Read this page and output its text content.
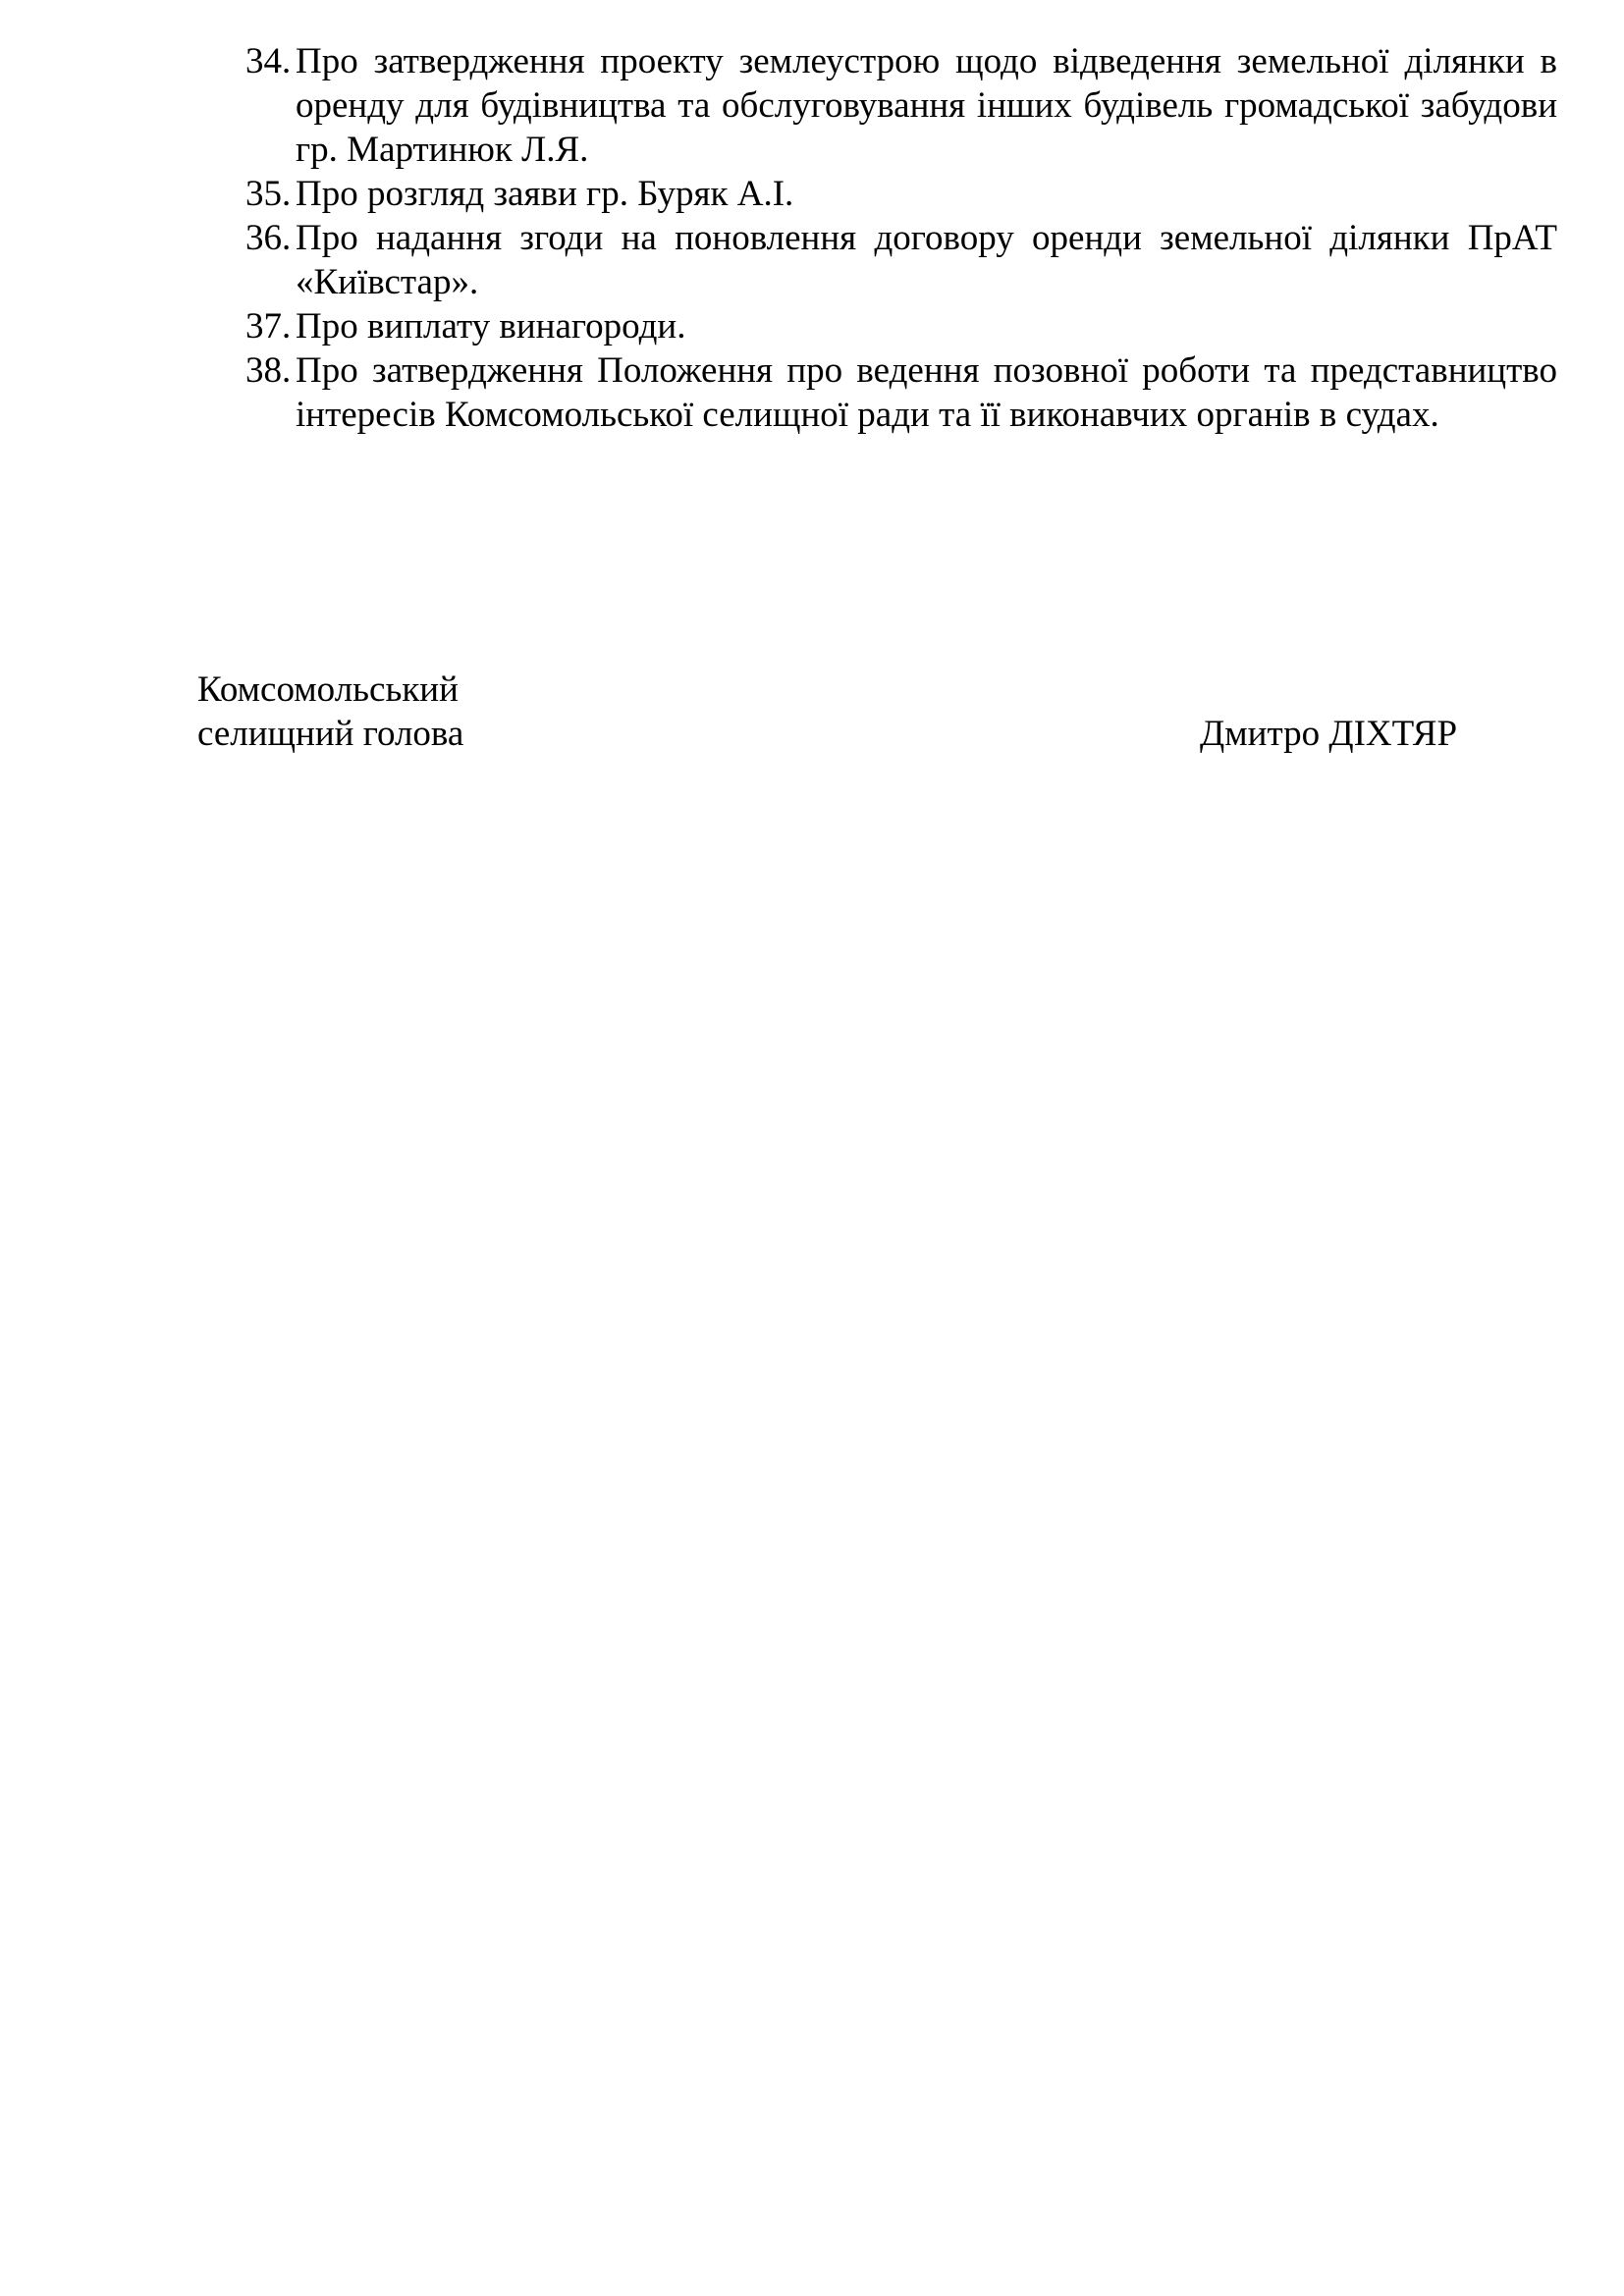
34. Про затвердження проекту землеустрою щодо відведення земельної ділянки в оренду для будівництва та обслуговування інших будівель громадської забудови гр. Мартинюк Л.Я.
35. Про розгляд заяви гр. Буряк А.І.
36. Про надання згоди на поновлення договору оренди земельної ділянки ПрАТ «Київстар».
37. Про виплату винагороди.
38. Про затвердження Положення про ведення позовної роботи та представництво інтересів Комсомольської селищної ради та її виконавчих органів в судах.
Комсомольський
селищний голова	Дмитро ДІХТЯР
